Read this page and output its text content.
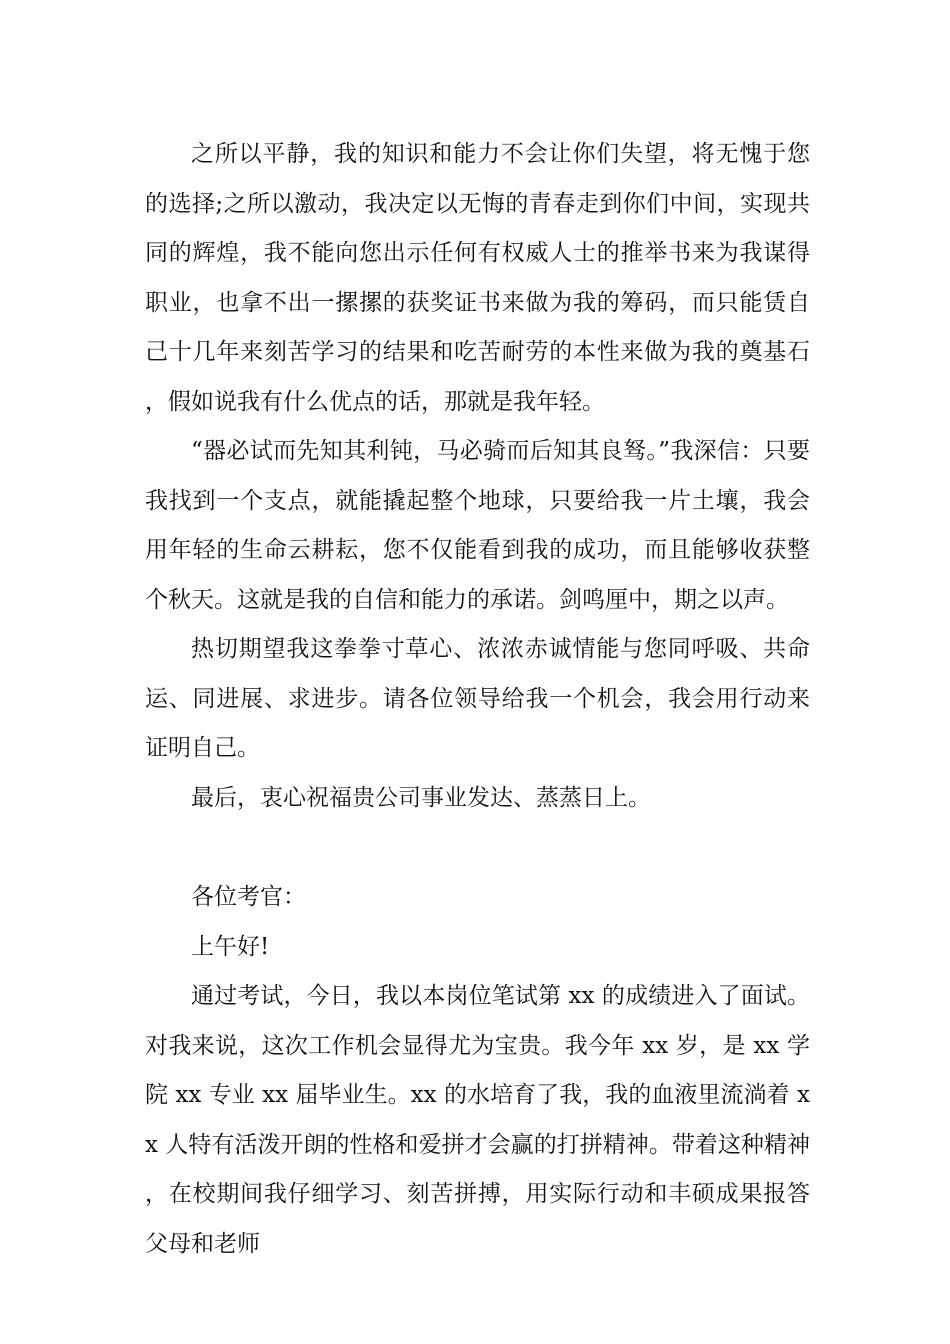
之所以平静，我的知识和能力不会让你们失望，将无愧于您的选择;之所以激动，我决定以无悔的青春走到你们中间，实现共同的辉煌，我不能向您出示任何有权威人士的推举书来为我谋得职业，也拿不出一摞摞的获奖证书来做为我的筹码，而只能赁自己十几年来刻苦学习的结果和吃苦耐劳的本性来做为我的奠基石，假如说我有什么优点的话，那就是我年轻。

“器必试而先知其利钝，马必骑而后知其良驽。”我深信：只要我找到一个支点，就能撬起整个地球，只要给我一片土壤，我会用年轻的生命云耕耘，您不仅能看到我的成功，而且能够收获整个秋天。这就是我的自信和能力的承诺。剑鸣厘中，期之以声。

热切期望我这拳拳寸草心、浓浓赤诚情能与您同呼吸、共命运、同进展、求进步。请各位领导给我一个机会，我会用行动来证明自己。

最后，衷心祝福贵公司事业发达、蒸蒸日上。

各位考官：

上午好!

通过考试，今日，我以本岗位笔试第 xx 的成绩进入了面试。对我来说，这次工作机会显得尤为宝贵。我今年 xx 岁，是 xx 学院 xx 专业 xx 届毕业生。xx 的水培育了我，我的血液里流淌着 xx 人特有活泼开朗的性格和爱拼才会赢的打拼精神。带着这种精神，在校期间我仔细学习、刻苦拼搏，用实际行动和丰硕成果报答父母和老师
